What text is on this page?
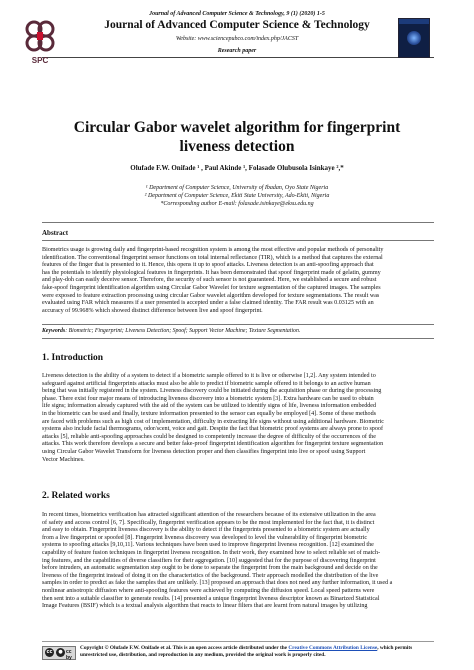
Journal of Advanced Computer Science & Technology, 9 (1) (2020) 1-5
Journal of Advanced Computer Science & Technology
Website: www.sciencepubco.com/index.php/JACST
Research paper
SPC
Circular Gabor wavelet algorithm for fingerprint
liveness detection
Olufade F.W. Onifade ¹ , Paul Akinde ¹, Folasade Olubusola Isinkaye ²,*
¹ Department of Computer Science, University of Ibadan, Oyo State Nigeria
² Department of Computer Science, Ekiti State University, Ado-Ekiti, Nigeria
*Corresponding author E-mail: folasade.isinkaye@eksu.edu.ng
Abstract
Biometrics usage is growing daily and fingerprint-based recognition system is among the most effective and popular methods of personality
identification. The conventional fingerprint sensor functions on total internal reflectance (TIR), which is a method that captures the external
features of the finger that is presented to it. Hence, this opens it up to spoof attacks. Liveness detection is an anti-spoofing approach that
has the potentials to identify physiological features in fingerprints. It has been demonstrated that spoof fingerprint made of gelatin, gummy
and play-doh can easily deceive sensor. Therefore, the security of such sensor is not guaranteed. Here, we established a secure and robust
fake-spoof fingerprint identification algorithm using Circular Gabor Wavelet for texture segmentation of the captured images. The samples
were exposed to feature extraction processing using circular Gabor wavelet algorithm developed for texture segmentations. The result was
evaluated using FAR which measures if a user presented is accepted under a false claimed identity. The FAR result was 0.03125 with an
accuracy of 99.968% which showed distinct difference between live and spoof fingerprint.
Keywords: Biometric; Fingerprint; Liveness Detection; Spoof; Support Vector Machine; Texture Segmentation.
1. Introduction
Liveness detection is the ability of a system to detect if a biometric sample offered to it is live or otherwise [1,2]. Any system intended to
safeguard against artificial fingerprints attacks must also be able to predict if biometric sample offered to it belongs to an active human
being that was initially registered in the system. Liveness discovery could be initiated during the acquisition phase or during the processing
phase. There exist four major means of introducing liveness discovery into a biometric system [3]. Extra hardware can be used to obtain
life signs; information already captured with the aid of the system can be utilized to identify signs of life, liveness information embedded
in the biometric can be used and finally, texture information presented to the sensor can equally be employed [4]. Some of these methods
are faced with problems such as high cost of implementation, difficulty in extracting life signs without using additional hardware. Biometric
systems also include facial thermograms, odor/scent, voice and gait. Despite the fact that biometric proof systems are always prone to spoof
attacks [5], reliable anti-spoofing approaches could be designed to competently increase the degree of difficulty of the occurrences of the
attacks. This work therefore develops a secure and better fake-proof fingerprint identification algorithm for fingerprint texture segmentation
using Circular Gabor Wavelet Transform for liveness detection proper and then classifies fingerprint into live or spoof using Support
Vector Machines.
2. Related works
In recent times, biometrics verification has attracted significant attention of the researchers because of its extensive utilization in the area
of safety and access control [6, 7]. Specifically, fingerprint verification appears to be the most implemented for the fact that, it is distinct
and easy to obtain. Fingerprint liveness discovery is the ability to detect if the fingerprints presented to a biometric system are actually
from a live fingerprint or spoofed [8]. Fingerprint liveness discovery was developed to level the vulnerability of fingerprint biometric
systems to spoofing attacks [9,10,11]. Various techniques have been used to improve fingerprint liveness recognition. [12] examined the
capability of feature fusion techniques in fingerprint liveness recognition. In their work, they examined how to select reliable set of match-
ing features, and the capabilities of diverse classifiers for their aggregation. [10] suggested that for the purpose of discovering fingerprint
before intruders, an automatic segmentation step ought to be done to separate the fingerprint from the main background and decide on the
liveness of the fingerprint instead of doing it on the characteristics of the background. Their approach modelled the distribution of the live
samples in order to predict as fake the samples that are unlikely. [13] proposed an approach that does not need any further information, it used a
nonlinear anisotropic diffusion where anti-spoofing features were achieved by computing the diffusion speed. Local speed patterns were
then sent into a suitable classifier to generate results. [14] presented a unique fingerprint liveness descriptor known as Binarized Statistical
Image Features (BSIF) which is a textual analysis algorithm that reacts to linear filters that are learnt from natural images by utilizing
cc	● cc by
Copyright © Olufade F.W. Onifade et al. This is an open access article distributed under the Creative Commons Attribution License, which permits unrestricted use, distribution, and reproduction in any medium, provided the original work is properly cited.
